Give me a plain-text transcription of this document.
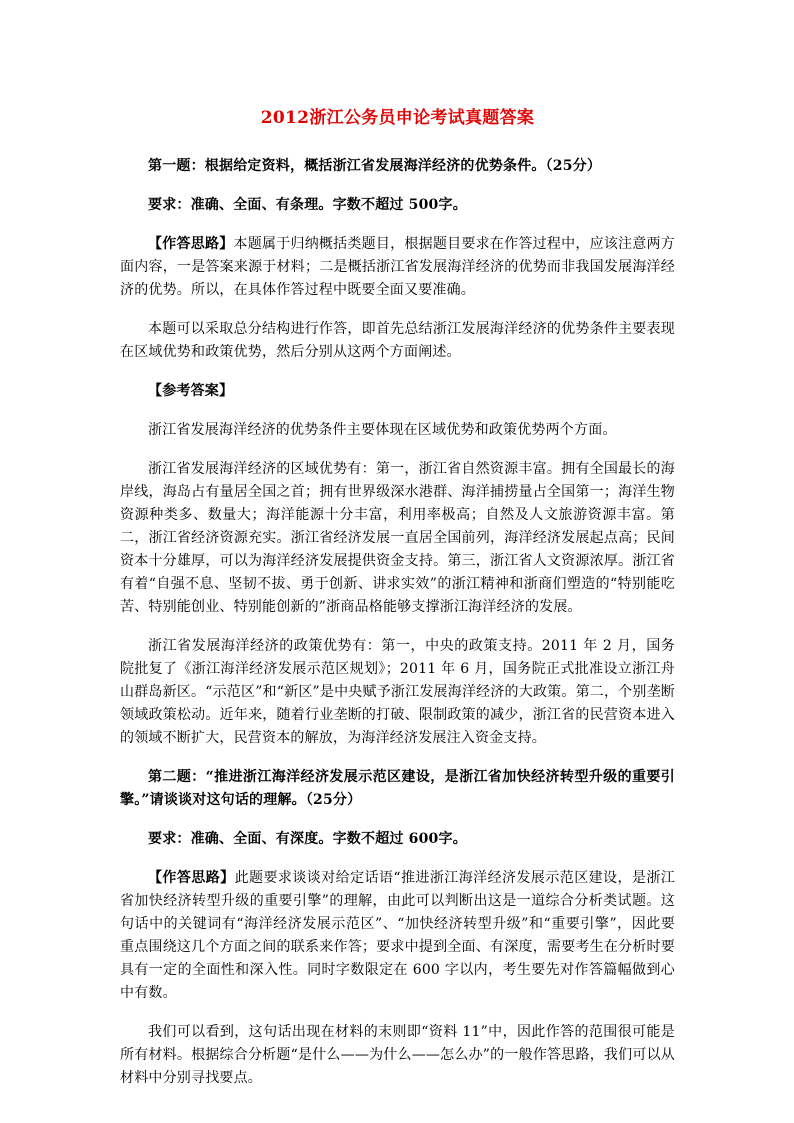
2012浙江公务员申论考试真题答案

第一题：根据给定资料，概括浙江省发展海洋经济的优势条件。（25分）

要求：准确、全面、有条理。字数不超过 500字。

【作答思路】本题属于归纳概括类题目，根据题目要求在作答过程中，应该注意两方面内容，一是答案来源于材料；二是概括浙江省发展海洋经济的优势而非我国发展海洋经济的优势。所以，在具体作答过程中既要全面又要准确。

本题可以采取总分结构进行作答，即首先总结浙江发展海洋经济的优势条件主要表现在区域优势和政策优势，然后分别从这两个方面阐述。

【参考答案】

浙江省发展海洋经济的优势条件主要体现在区域优势和政策优势两个方面。

浙江省发展海洋经济的区域优势有：第一，浙江省自然资源丰富。拥有全国最长的海岸线，海岛占有量居全国之首；拥有世界级深水港群、海洋捕捞量占全国第一；海洋生物资源种类多、数量大；海洋能源十分丰富，利用率极高；自然及人文旅游资源丰富。第二，浙江省经济资源充实。浙江省经济发展一直居全国前列，海洋经济发展起点高；民间资本十分雄厚，可以为海洋经济发展提供资金支持。第三，浙江省人文资源浓厚。浙江省有着“自强不息、坚韧不拔、勇于创新、讲求实效”的浙江精神和浙商们塑造的“特别能吃苦、特别能创业、特别能创新的”浙商品格能够支撑浙江海洋经济的发展。

浙江省发展海洋经济的政策优势有：第一，中央的政策支持。2011 年 2 月，国务院批复了《浙江海洋经济发展示范区规划》；2011 年 6 月，国务院正式批准设立浙江舟山群岛新区。“示范区”和“新区”是中央赋予浙江发展海洋经济的大政策。第二，个别垄断领域政策松动。近年来，随着行业垄断的打破、限制政策的减少，浙江省的民营资本进入的领域不断扩大，民营资本的解放，为海洋经济发展注入资金支持。

第二题：“推进浙江海洋经济发展示范区建设，是浙江省加快经济转型升级的重要引擎。”请谈谈对这句话的理解。（25分）

要求：准确、全面、有深度。字数不超过 600字。

【作答思路】此题要求谈谈对给定话语“推进浙江海洋经济发展示范区建设，是浙江省加快经济转型升级的重要引擎”的理解，由此可以判断出这是一道综合分析类试题。这句话中的关键词有“海洋经济发展示范区”、“加快经济转型升级”和“重要引擎”，因此要重点围绕这几个方面之间的联系来作答；要求中提到全面、有深度，需要考生在分析时要具有一定的全面性和深入性。同时字数限定在 600 字以内，考生要先对作答篇幅做到心中有数。

我们可以看到，这句话出现在材料的末则即“资料 11”中，因此作答的范围很可能是所有材料。根据综合分析题“是什么——为什么——怎么办”的一般作答思路，我们可以从材料中分别寻找要点。
